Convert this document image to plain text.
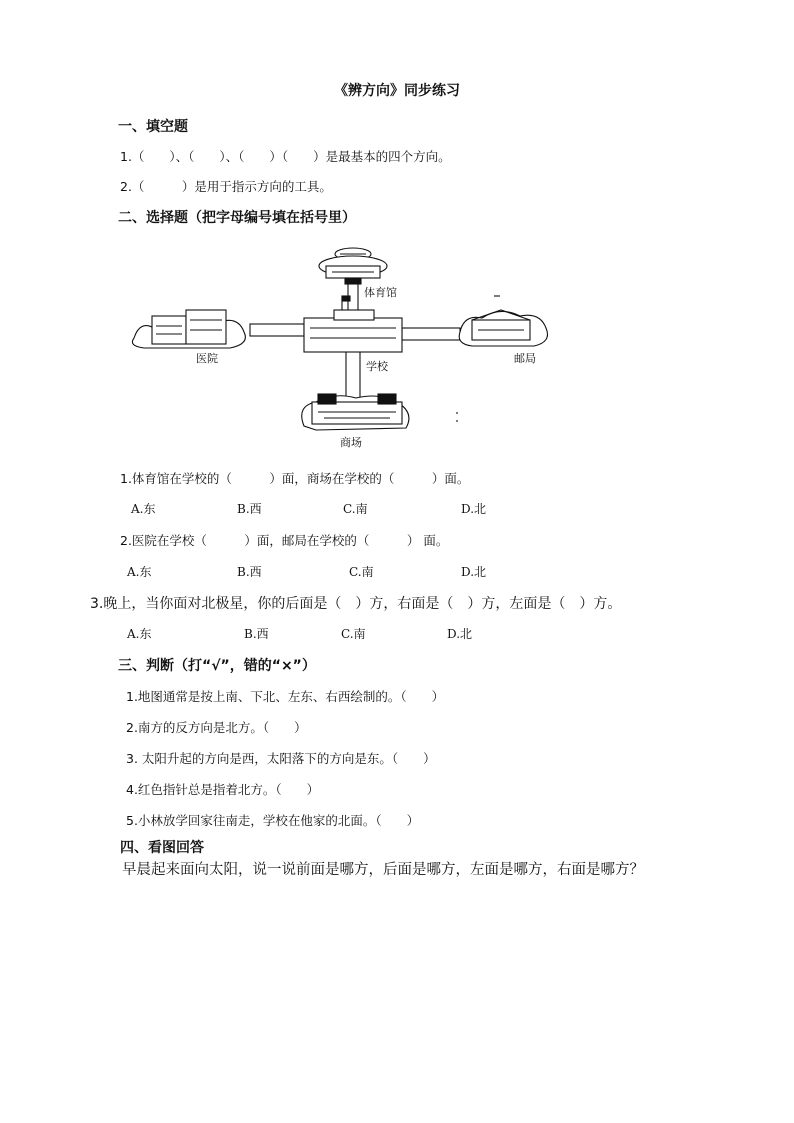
《辨方向》同步练习
一、填空题
1.（　　）、（　　）、（　　）（　　）是最基本的四个方向。
2.（　　　）是用于指示方向的工具。
二、选择题（把字母编号填在括号里）
体育馆
医院
学校
邮局
商场
1.体育馆在学校的（　　　）面，商场在学校的（　　　）面。
A.东	B.西	C.南	D.北
2.医院在学校（　　　）面，邮局在学校的（　　　） 面。
A.东	B.西	C.南	D.北
3.晚上，当你面对北极星，你的后面是（　）方，右面是（　）方，左面是（　）方。
A.东	B.西	C.南	D.北
三、判断（打“√”，错的“×”）
1.地图通常是按上南、下北、左东、右西绘制的。（　　）
2.南方的反方向是北方。（　　）
3. 太阳升起的方向是西，太阳落下的方向是东。（　　）
4.红色指针总是指着北方。（　　）
5.小林放学回家往南走，学校在他家的北面。（　　）
四、看图回答
早晨起来面向太阳，说一说前面是哪方，后面是哪方，左面是哪方，右面是哪方？
